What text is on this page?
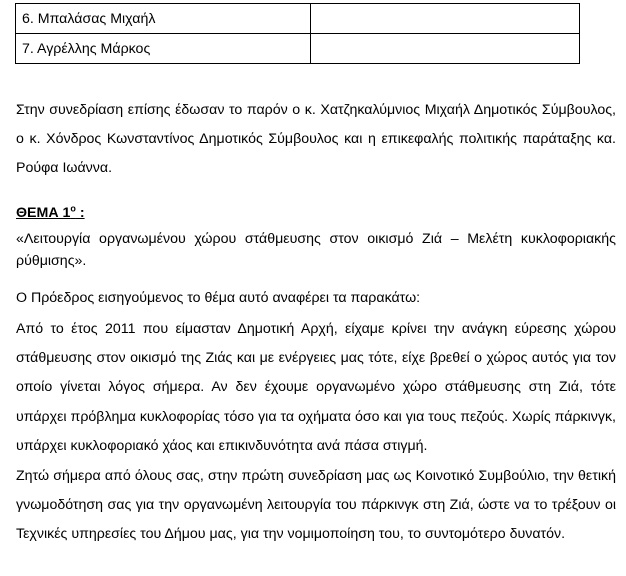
6. Μπαλάσας Μιχαήλ	
7. Αγρέλλης Μάρκος	

Στην συνεδρίαση επίσης έδωσαν το παρόν ο κ. Χατζηκαλύμνιος Μιχαήλ Δημοτικός Σύμβουλος, ο κ. Χόνδρος Κωνσταντίνος Δημοτικός Σύμβουλος και η επικεφαλής πολιτικής παράταξης κα. Ρούφα Ιωάννα.

ΘΕΜΑ $1^o$ :

«Λειτουργία οργανωμένου χώρου στάθμευσης στον οικισμό Ζιά – Μελέτη κυκλοφοριακής ρύθμισης».

Ο Πρόεδρος εισηγούμενος το θέμα αυτό αναφέρει τα παρακάτω:

Από το έτος 2011 που είμασταν Δημοτική Αρχή, είχαμε κρίνει την ανάγκη εύρεσης χώρου στάθμευσης στον οικισμό της Ζιάς και με ενέργειες μας τότε, είχε βρεθεί ο χώρος αυτός για τον οποίο γίνεται λόγος σήμερα. Αν δεν έχουμε οργανωμένο χώρο στάθμευσης στη Ζιά, τότε υπάρχει πρόβλημα κυκλοφορίας τόσο για τα οχήματα όσο και για τους πεζούς. Χωρίς πάρκινγκ, υπάρχει κυκλοφοριακό χάος και επικινδυνότητα ανά πάσα στιγμή.

Ζητώ σήμερα από όλους σας, στην πρώτη συνεδρίαση μας ως Κοινοτικό Συμβούλιο, την θετική γνωμοδότηση σας για την οργανωμένη λειτουργία του πάρκινγκ στη Ζιά, ώστε να το τρέξουν οι Τεχνικές υπηρεσίες του Δήμου μας, για την νομιμοποίηση του, το συντομότερο δυνατόν.
